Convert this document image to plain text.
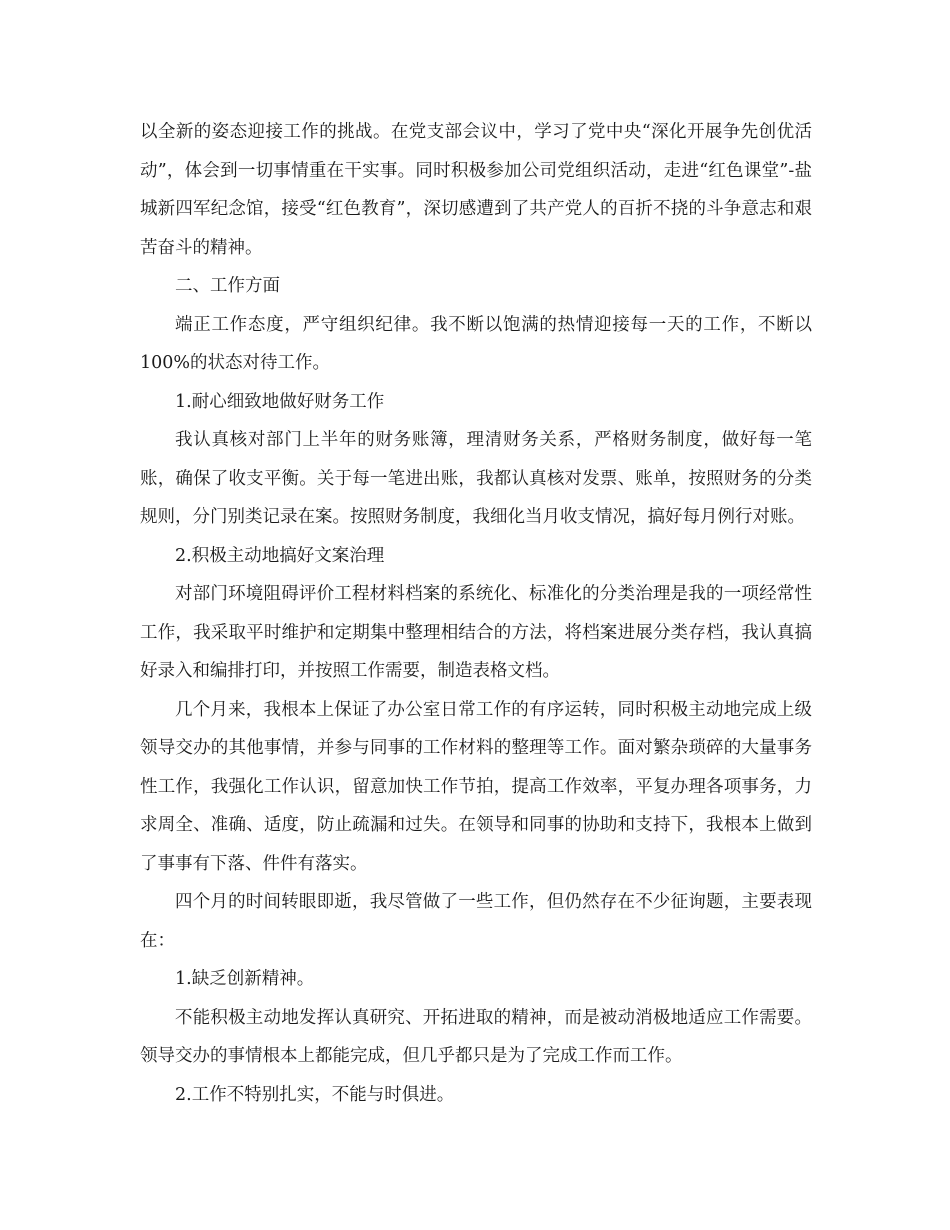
以全新的姿态迎接工作的挑战。在党支部会议中，学习了党中央“深化开展争先创优活动”，体会到一切事情重在干实事。同时积极参加公司党组织活动，走进“红色课堂”-盐城新四军纪念馆，接受“红色教育”，深切感遭到了共产党人的百折不挠的斗争意志和艰苦奋斗的精神。

二、工作方面

端正工作态度，严守组织纪律。我不断以饱满的热情迎接每一天的工作，不断以100%的状态对待工作。

1.耐心细致地做好财务工作

我认真核对部门上半年的财务账簿，理清财务关系，严格财务制度，做好每一笔账，确保了收支平衡。关于每一笔进出账，我都认真核对发票、账单，按照财务的分类规则，分门别类记录在案。按照财务制度，我细化当月收支情况，搞好每月例行对账。

2.积极主动地搞好文案治理

对部门环境阻碍评价工程材料档案的系统化、标准化的分类治理是我的一项经常性工作，我采取平时维护和定期集中整理相结合的方法，将档案进展分类存档，我认真搞好录入和编排打印，并按照工作需要，制造表格文档。

几个月来，我根本上保证了办公室日常工作的有序运转，同时积极主动地完成上级领导交办的其他事情，并参与同事的工作材料的整理等工作。面对繁杂琐碎的大量事务性工作，我强化工作认识，留意加快工作节拍，提高工作效率，平复办理各项事务，力求周全、准确、适度，防止疏漏和过失。在领导和同事的协助和支持下，我根本上做到了事事有下落、件件有落实。

四个月的时间转眼即逝，我尽管做了一些工作，但仍然存在不少征询题，主要表现在：

1.缺乏创新精神。

不能积极主动地发挥认真研究、开拓进取的精神，而是被动消极地适应工作需要。领导交办的事情根本上都能完成，但几乎都只是为了完成工作而工作。

2.工作不特别扎实，不能与时俱进。
